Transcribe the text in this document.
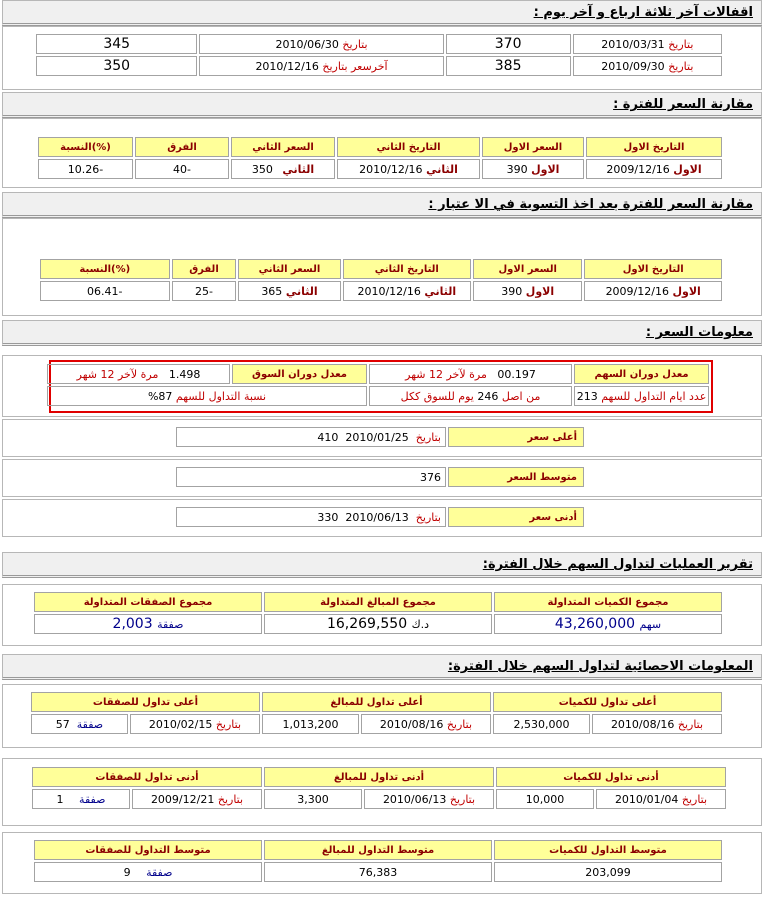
اقفالات آخر ثلاثة ارباع و آخر يوم :
بتاريخ 2010/03/31	370	بتاريخ 2010/06/30	345
بتاريخ 2010/09/30	385	آخرسعر بتاريخ 2010/12/16	350
مقارنة السعر للفترة :
التاريخ الاول	السعر الاول	التاريخ الثاني	السعر الثاني	الفرق	(%)النسبة
الاول 2009/12/16	الاول 390	الثاني 2010/12/16	الثاني 350	-40	-10.26
مقارنة السعر للفترة بعد اخذ التسوية في الا عتبار :
التاريخ الاول	السعر الاول	التاريخ الثاني	السعر الثاني	الفرق	(%)النسبة
الاول 2009/12/16	الاول 390	الثاني 2010/12/16	الثاني 365	-25	-06.41
معلومات السعر :
معدل دوران السهم	00.197   مرة لآخر 12 شهر	معدل دوران السوق	1.498   مرة لآخر 12 شهر
عدد ايام التداول للسهم 213	من اصل 246 يوم للسوق ككل	نسبة التداول للسهم 87%	
أعلى سعر	بتاريخ  2010/01/25  410
متوسط السعر	376
أدنى سعر	بتاريخ  2010/06/13  330
تقرير العمليات لتداول السهم خلال الفترة:
مجموع الكميات المتداولة	مجموع المبالغ المتداولة	مجموع الصفقات المتداولة
سهم 43,260,000	د.ك 16,269,550	صفقة 2,003
المعلومات الاحصائية لتداول السهم خلال الفترة:
أعلى تداول للكميات		أعلى تداول للمبالغ		أعلى تداول للصفقات	
بتاريخ 2010/08/16	2,530,000	بتاريخ 2010/08/16	1,013,200	بتاريخ 2010/02/15	صفقة  57
أدنى تداول للكميات		أدنى تداول للمبالغ		أدنى تداول للصفقات	
بتاريخ 2010/01/04	10,000	بتاريخ 2010/06/13	3,300	بتاريخ 2009/12/21	صفقة 1
متوسط التداول للكميات	متوسط التداول للمبالغ	متوسط التداول للصفقات
203,099	76,383	صفقة 9
